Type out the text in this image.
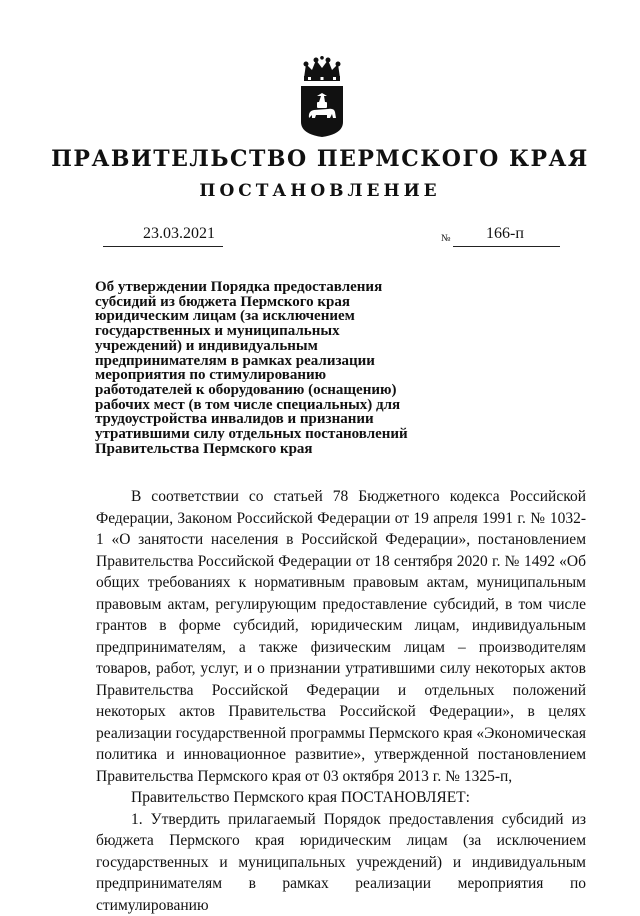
ПРАВИТЕЛЬСТВО ПЕРМСКОГО КРАЯ
ПОСТАНОВЛЕНИЕ
23.03.2021	№ 166-п

Об утверждении Порядка предоставления субсидий из бюджета Пермского края юридическим лицам (за исключением государственных и муниципальных учреждений) и индивидуальным предпринимателям в рамках реализации мероприятия по стимулированию работодателей к оборудованию (оснащению) рабочих мест (в том числе специальных) для трудоустройства инвалидов и признании утратившими силу отдельных постановлений Правительства Пермского края

В соответствии со статьей 78 Бюджетного кодекса Российской Федерации, Законом Российской Федерации от 19 апреля 1991 г. № 1032-1 «О занятости населения в Российской Федерации», постановлением Правительства Российской Федерации от 18 сентября 2020 г. № 1492 «Об общих требованиях к нормативным правовым актам, муниципальным правовым актам, регулирующим предоставление субсидий, в том числе грантов в форме субсидий, юридическим лицам, индивидуальным предпринимателям, а также физическим лицам – производителям товаров, работ, услуг, и о признании утратившими силу некоторых актов Правительства Российской Федерации и отдельных положений некоторых актов Правительства Российской Федерации», в целях реализации государственной программы Пермского края «Экономическая политика и инновационное развитие», утвержденной постановлением Правительства Пермского края от 03 октября 2013 г. № 1325-п,

Правительство Пермского края ПОСТАНОВЛЯЕТ:

1. Утвердить прилагаемый Порядок предоставления субсидий из бюджета Пермского края юридическим лицам (за исключением государственных и муниципальных учреждений) и индивидуальным предпринимателям в рамках реализации мероприятия по стимулированию
